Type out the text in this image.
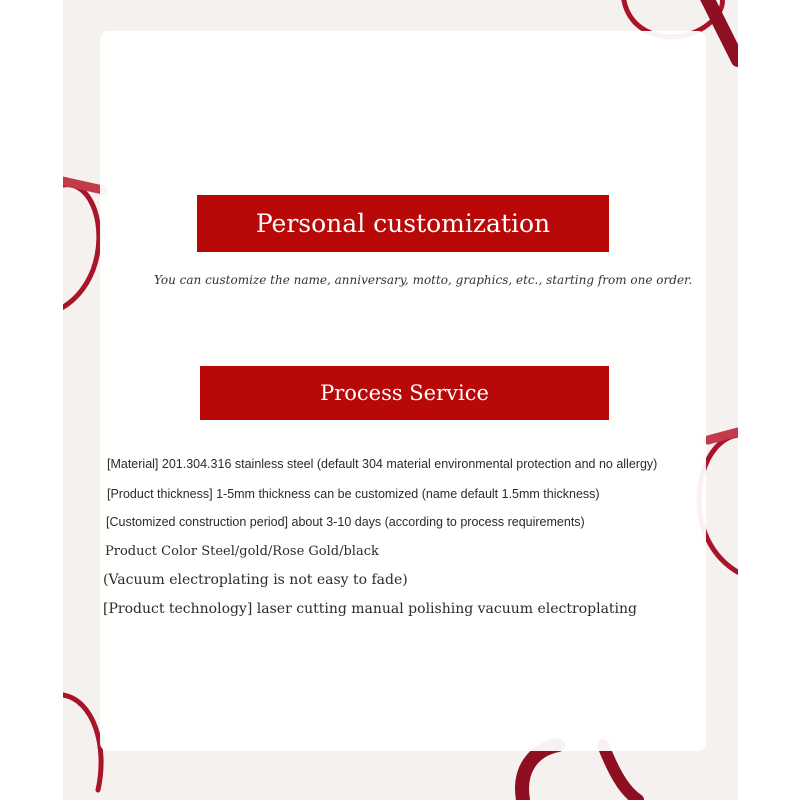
Personal customization
You can customize the name, anniversary, motto, graphics, etc., starting from one order.
Process Service
[Material] 201.304.316 stainless steel (default 304 material environmental protection and no allergy)
[Product thickness] 1-5mm thickness can be customized (name default 1.5mm thickness)
[Customized construction period] about 3-10 days (according to process requirements)
Product Color Steel/gold/Rose Gold/black
(Vacuum electroplating is not easy to fade)
[Product technology] laser cutting manual polishing vacuum electroplating
